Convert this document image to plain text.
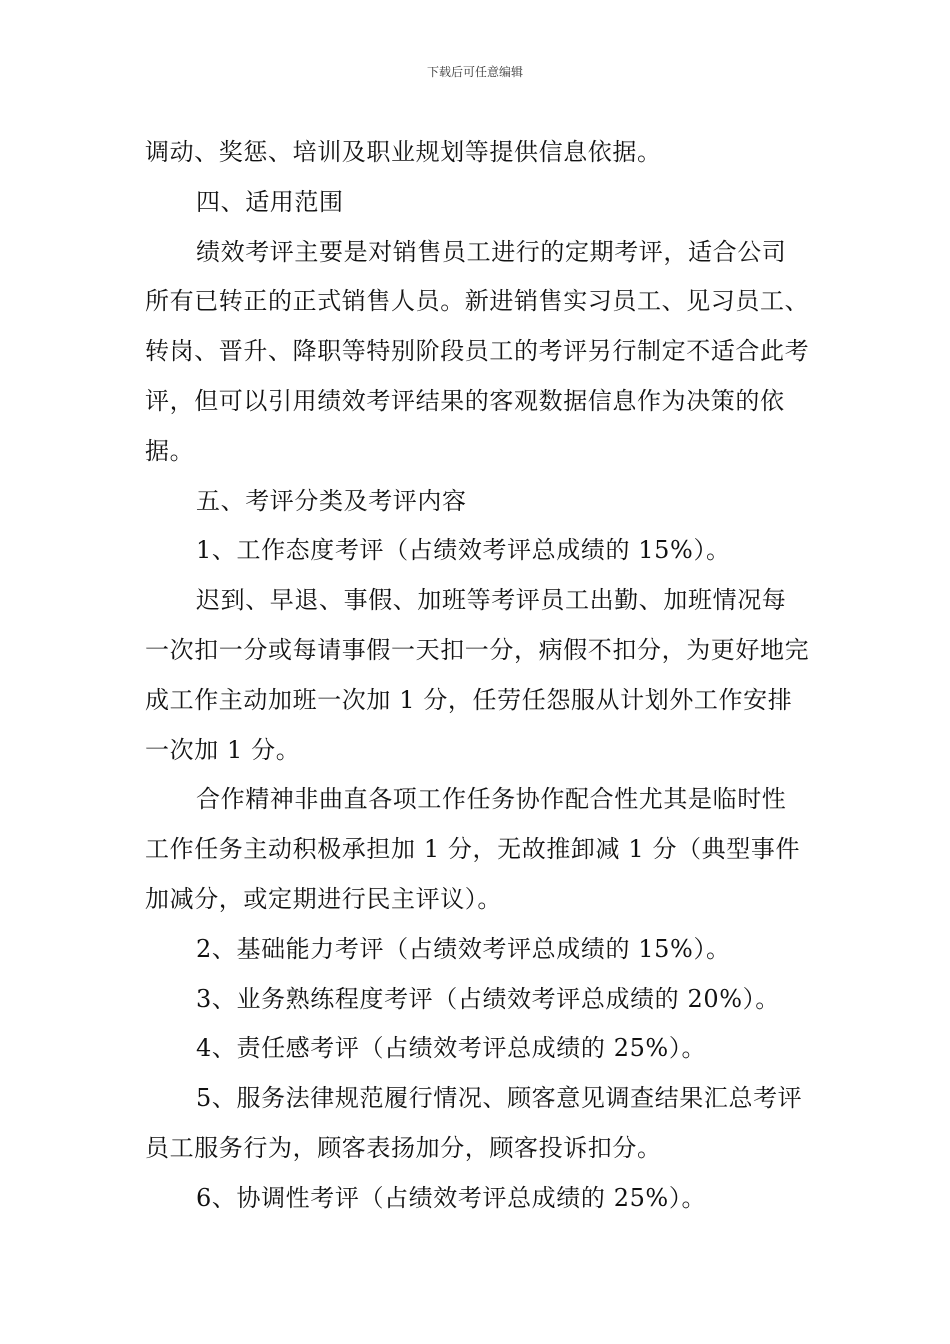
下载后可任意编辑

调动、奖惩、培训及职业规划等提供信息依据。

四、适用范围

绩效考评主要是对销售员工进行的定期考评，适合公司所有已转正的正式销售人员。新进销售实习员工、见习员工、转岗、晋升、降职等特别阶段员工的考评另行制定不适合此考评，但可以引用绩效考评结果的客观数据信息作为决策的依据。

五、考评分类及考评内容

1、工作态度考评（占绩效考评总成绩的 15%）。

迟到、早退、事假、加班等考评员工出勤、加班情况每一次扣一分或每请事假一天扣一分，病假不扣分，为更好地完成工作主动加班一次加 1 分，任劳任怨服从计划外工作安排一次加 1 分。

合作精神非曲直各项工作任务协作配合性尤其是临时性工作任务主动积极承担加 1 分，无故推卸减 1 分（典型事件加减分，或定期进行民主评议）。

2、基础能力考评（占绩效考评总成绩的 15%）。

3、业务熟练程度考评（占绩效考评总成绩的 20%）。

4、责任感考评（占绩效考评总成绩的 25%）。

5、服务法律规范履行情况、顾客意见调查结果汇总考评员工服务行为，顾客表扬加分，顾客投诉扣分。

6、协调性考评（占绩效考评总成绩的 25%）。
